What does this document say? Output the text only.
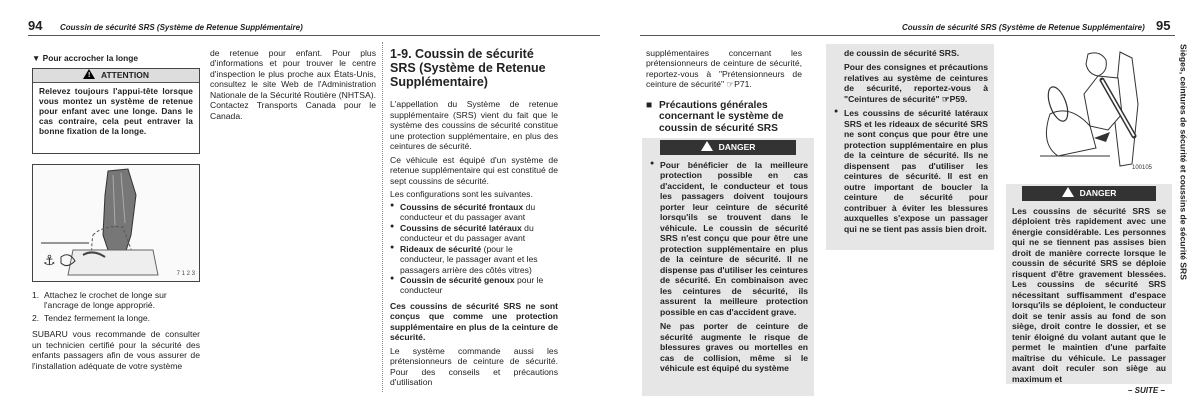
94 Coussin de sécurité SRS (Système de Retenue Supplémentaire)
▼ Pour accrocher la longe
!ATTENTION
Relevez toujours l'appui-tête lorsque vous montez un système de retenue pour enfant avec une longe. Dans le cas contraire, cela peut entraver la bonne fixation de la longe.
⚓
7 1 2 3
1. Attachez le crochet de longe sur l'ancrage de longe approprié.
2. Tendez fermement la longe.
SUBARU vous recommande de consulter un technicien certifié pour la sécurité des enfants passagers afin de vous assurer de l'installation adéquate de votre système
de retenue pour enfant. Pour plus d'informations et pour trouver le centre d'inspection le plus proche aux États-Unis, consultez le site Web de l'Administration Nationale de la Sécurité Routière (NHTSA). Contactez Transports Canada pour le Canada.
1-9. Coussin de sécurité SRS (Système de Retenue Supplémentaire)
L'appellation du Système de retenue supplémentaire (SRS) vient du fait que le système des coussins de sécurité constitue une protection supplémentaire, en plus des ceintures de sécurité.
Ce véhicule est équipé d'un système de retenue supplémentaire qui est constitué de sept coussins de sécurité.
Les configurations sont les suivantes.
● Coussins de sécurité frontaux du conducteur et du passager avant
● Coussins de sécurité latéraux du conducteur et du passager avant
● Rideaux de sécurité (pour le conducteur, le passager avant et les passagers arrière des côtés vitres)
● Coussin de sécurité genoux pour le conducteur
Ces coussins de sécurité SRS ne sont conçus que comme une protection supplémentaire en plus de la ceinture de sécurité.
Le système commande aussi les prétensionneurs de ceinture de sécurité. Pour des conseils et précautions d'utilisation
Coussin de sécurité SRS (Système de Retenue Supplémentaire) 95
Sièges, ceintures de sécurité et coussins de sécurité SRS
supplémentaires concernant les prétensionneurs de ceinture de sécurité, reportez-vous à "Prétensionneurs de ceinture de sécurité" ☞P71.
■ Précautions générales concernant le système de coussin de sécurité SRS
!DANGER
● Pour bénéficier de la meilleure protection possible en cas d'accident, le conducteur et tous les passagers doivent toujours porter leur ceinture de sécurité lorsqu'ils se trouvent dans le véhicule. Le coussin de sécurité SRS n'est conçu que pour être une protection supplémentaire en plus de la ceinture de sécurité. Il ne dispense pas d'utiliser les ceintures de sécurité. En combinaison avec les ceintures de sécurité, ils assurent la meilleure protection possible en cas d'accident grave.
Ne pas porter de ceinture de sécurité augmente le risque de blessures graves ou mortelles en cas de collision, même si le véhicule est équipé du système
de coussin de sécurité SRS.
Pour des consignes et précautions relatives au système de ceintures de sécurité, reportez-vous à "Ceintures de sécurité" ☞P59.
● Les coussins de sécurité latéraux SRS et les rideaux de sécurité SRS ne sont conçus que pour être une protection supplémentaire en plus de la ceinture de sécurité. Ils ne dispensent pas d'utiliser les ceintures de sécurité. Il est en outre important de boucler la ceinture de sécurité pour contribuer à éviter les blessures auxquelles s'expose un passager qui ne se tient pas assis bien droit.
100105
!DANGER
Les coussins de sécurité SRS se déploient très rapidement avec une énergie considérable. Les personnes qui ne se tiennent pas assises bien droit de manière correcte lorsque le coussin de sécurité SRS se déploie risquent d'être gravement blessées. Les coussins de sécurité SRS nécessitant suffisamment d'espace lorsqu'ils se déploient, le conducteur doit se tenir assis au fond de son siège, droit contre le dossier, et se tenir éloigné du volant autant que le permet le maintien d'une parfaite maîtrise du véhicule. Le passager avant doit reculer son siège au maximum et
– SUITE –
